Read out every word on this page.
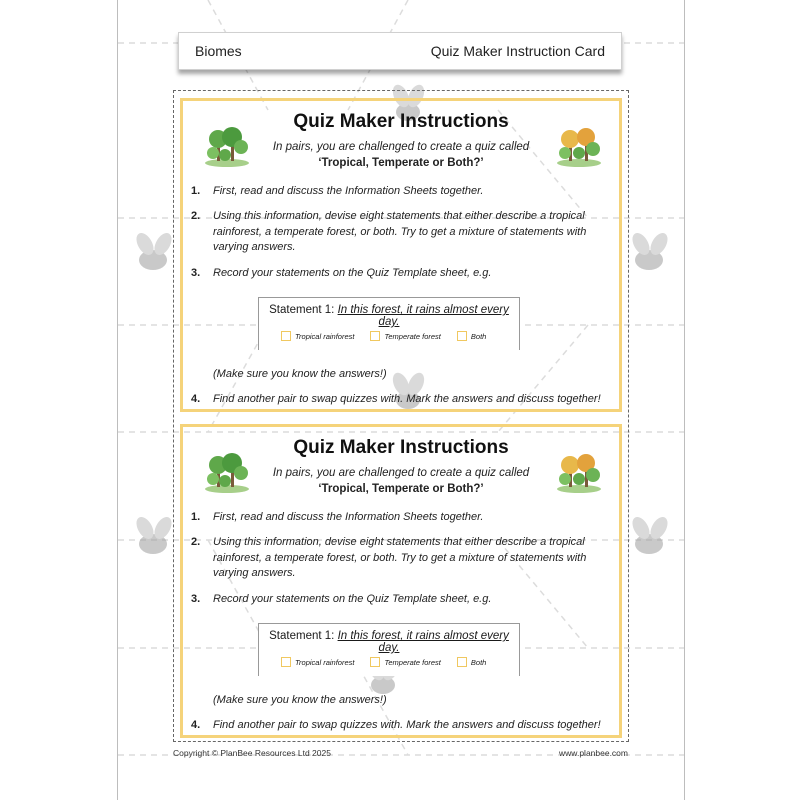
Biomes	Quiz Maker Instruction Card
Quiz Maker Instructions
In pairs, you are challenged to create a quiz called
‘Tropical, Temperate or Both?’
1.	First, read and discuss the Information Sheets together.
2.	Using this information, devise eight statements that either describe a tropical rainforest, a temperate forest, or both. Try to get a mixture of statements with varying answers.
3.	Record your statements on the Quiz Template sheet, e.g.
(Make sure you know the answers!)
4.	Find another pair to swap quizzes with. Mark the answers and discuss together!
Statement 1: In this forest, it rains almost every day.
Tropical rainforest	Temperate forest	Both
Quiz Maker Instructions
In pairs, you are challenged to create a quiz called
‘Tropical, Temperate or Both?’
1.	First, read and discuss the Information Sheets together.
2.	Using this information, devise eight statements that either describe a tropical rainforest, a temperate forest, or both. Try to get a mixture of statements with varying answers.
3.	Record your statements on the Quiz Template sheet, e.g.
(Make sure you know the answers!)
4.	Find another pair to swap quizzes with. Mark the answers and discuss together!
Statement 1: In this forest, it rains almost every day.
Tropical rainforest	Temperate forest	Both
Copyright © PlanBee Resources Ltd 2025	www.planbee.com
